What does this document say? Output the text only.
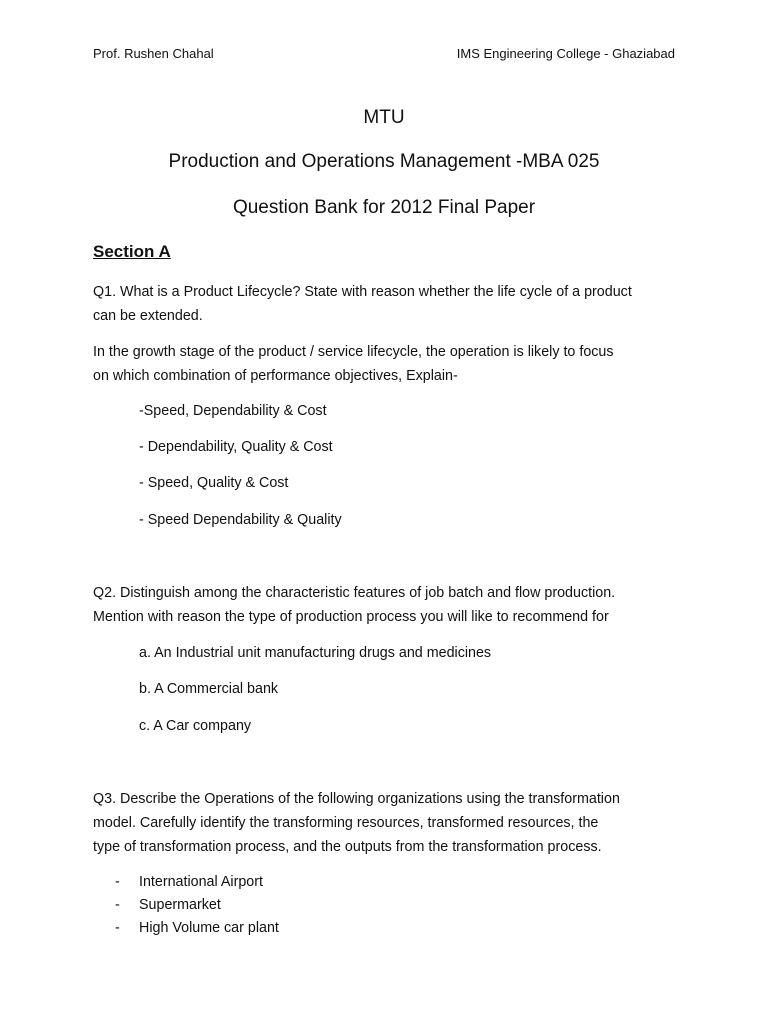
Prof. Rushen Chahal	IMS Engineering College - Ghaziabad
MTU
Production and Operations Management -MBA 025
Question Bank for 2012 Final Paper
Section A
Q1. What is a Product Lifecycle? State with reason whether the life cycle of a product
can be extended.
In the growth stage of the product / service lifecycle, the operation is likely to focus
on which combination of performance objectives, Explain-
-Speed, Dependability & Cost
- Dependability, Quality & Cost
- Speed, Quality & Cost
- Speed Dependability & Quality
Q2. Distinguish among the characteristic features of job batch and flow production.
Mention with reason the type of production process you will like to recommend for
a. An Industrial unit manufacturing drugs and medicines
b. A Commercial bank
c. A Car company
Q3. Describe the Operations of the following organizations using the transformation
model. Carefully identify the transforming resources, transformed resources, the
type of transformation process, and the outputs from the transformation process.
- International Airport
- Supermarket
- High Volume car plant
